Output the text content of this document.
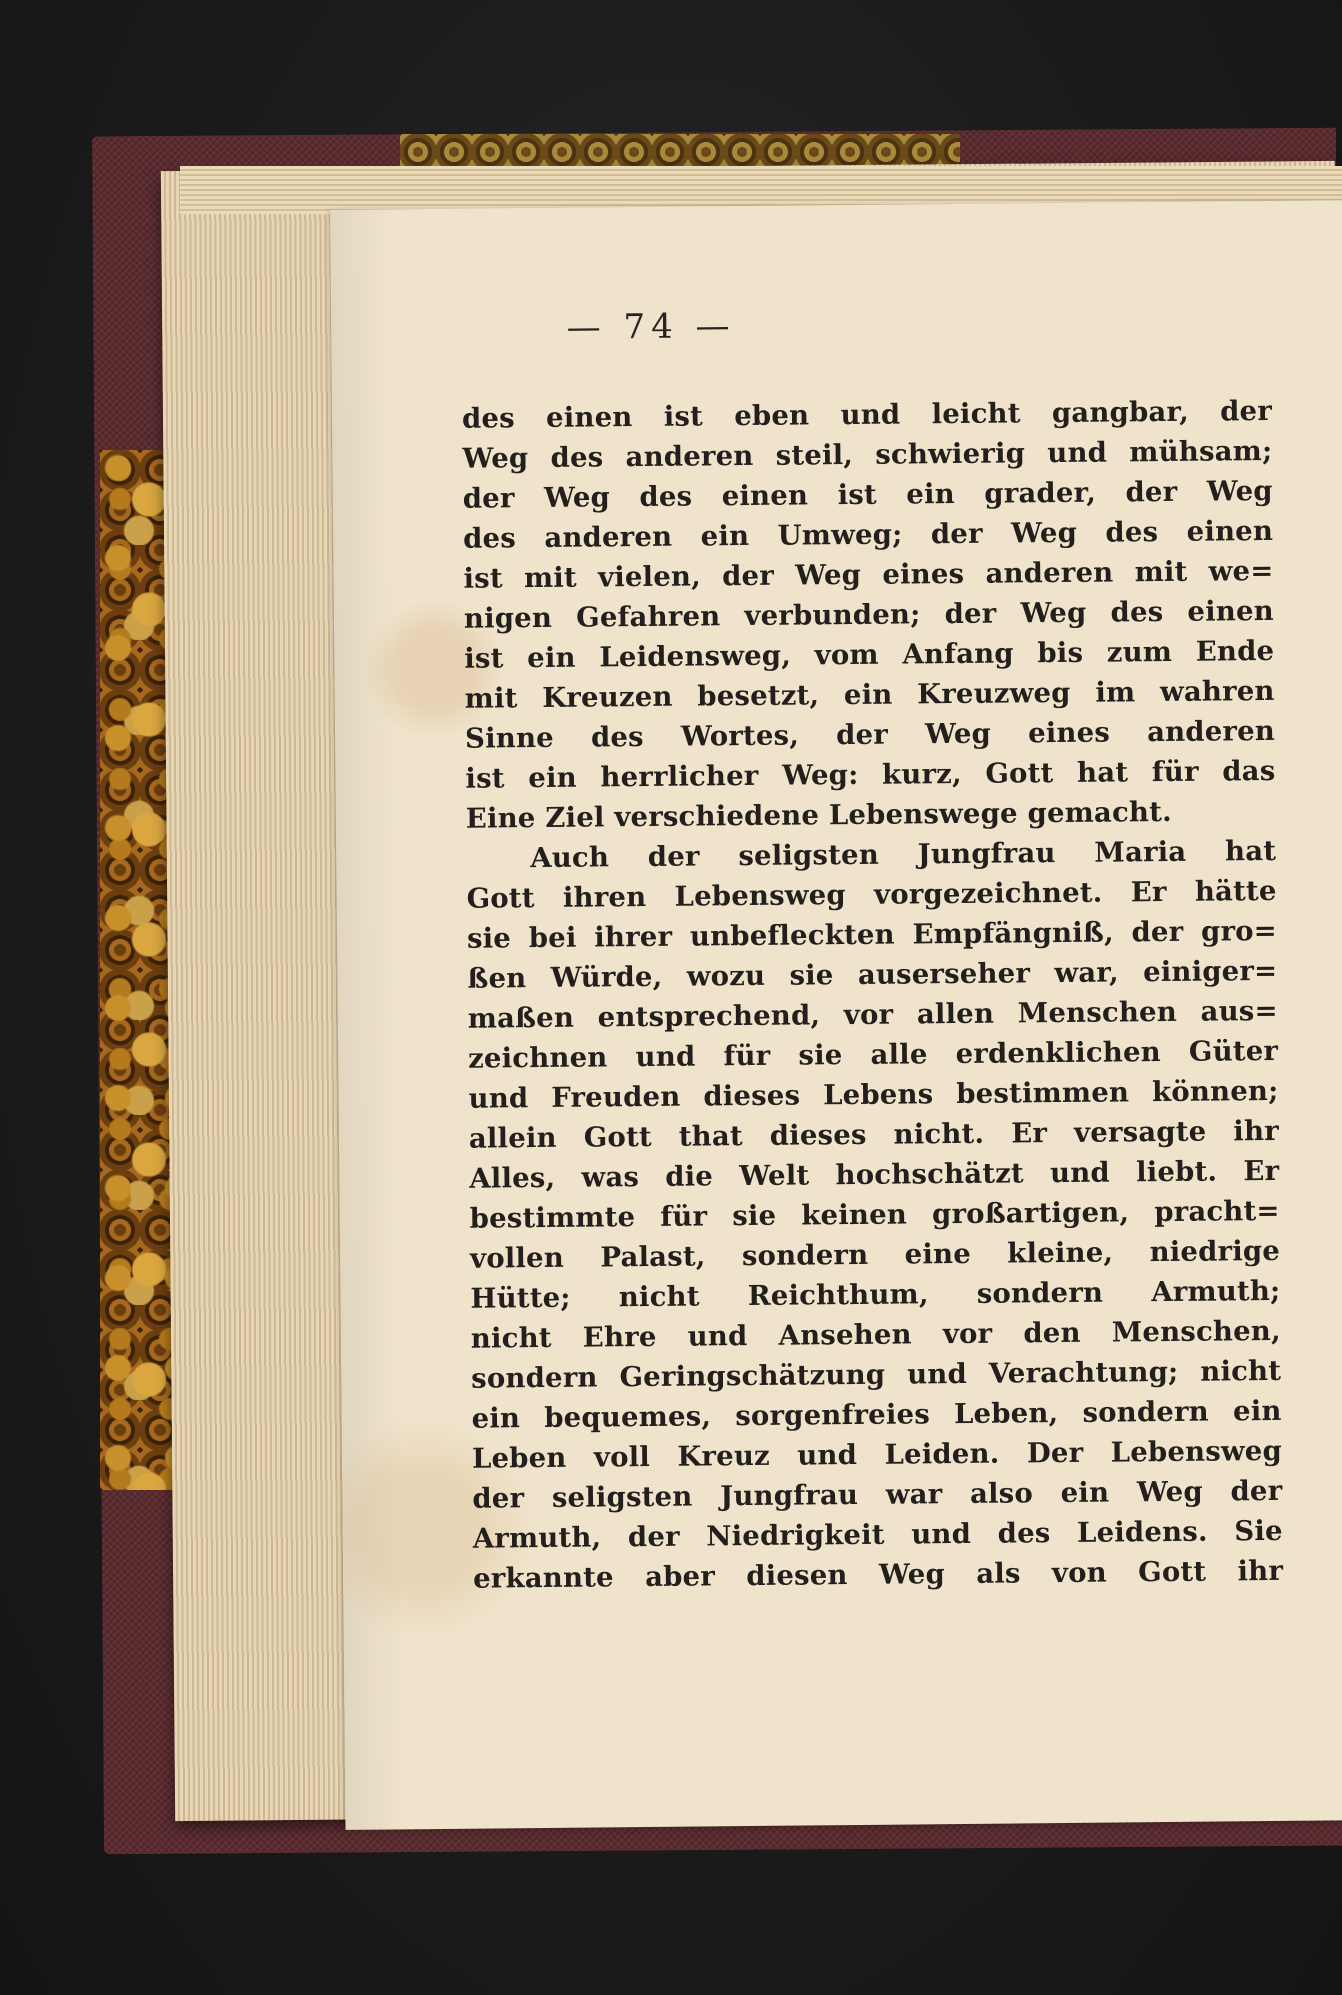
— 74 —
des einen ist eben und leicht gangbar, der
Weg des anderen steil, schwierig und mühsam;
der Weg des einen ist ein grader, der Weg
des anderen ein Umweg; der Weg des einen
ist mit vielen, der Weg eines anderen mit we=
nigen Gefahren verbunden; der Weg des einen
ist ein Leidensweg, vom Anfang bis zum Ende
mit Kreuzen besetzt, ein Kreuzweg im wahren
Sinne des Wortes, der Weg eines anderen
ist ein herrlicher Weg: kurz, Gott hat für das
Eine Ziel verschiedene Lebenswege gemacht.
Auch der seligsten Jungfrau Maria hat
Gott ihren Lebensweg vorgezeichnet. Er hätte
sie bei ihrer unbefleckten Empfängniß, der gro=
ßen Würde, wozu sie auserseher war, einiger=
maßen entsprechend, vor allen Menschen aus=
zeichnen und für sie alle erdenklichen Güter
und Freuden dieses Lebens bestimmen können;
allein Gott that dieses nicht. Er versagte ihr
Alles, was die Welt hochschätzt und liebt. Er
bestimmte für sie keinen großartigen, pracht=
vollen Palast, sondern eine kleine, niedrige
Hütte; nicht Reichthum, sondern Armuth;
nicht Ehre und Ansehen vor den Menschen,
sondern Geringschätzung und Verachtung; nicht
ein bequemes, sorgenfreies Leben, sondern ein
Leben voll Kreuz und Leiden. Der Lebensweg
der seligsten Jungfrau war also ein Weg der
Armuth, der Niedrigkeit und des Leidens. Sie
erkannte aber diesen Weg als von Gott ihr
